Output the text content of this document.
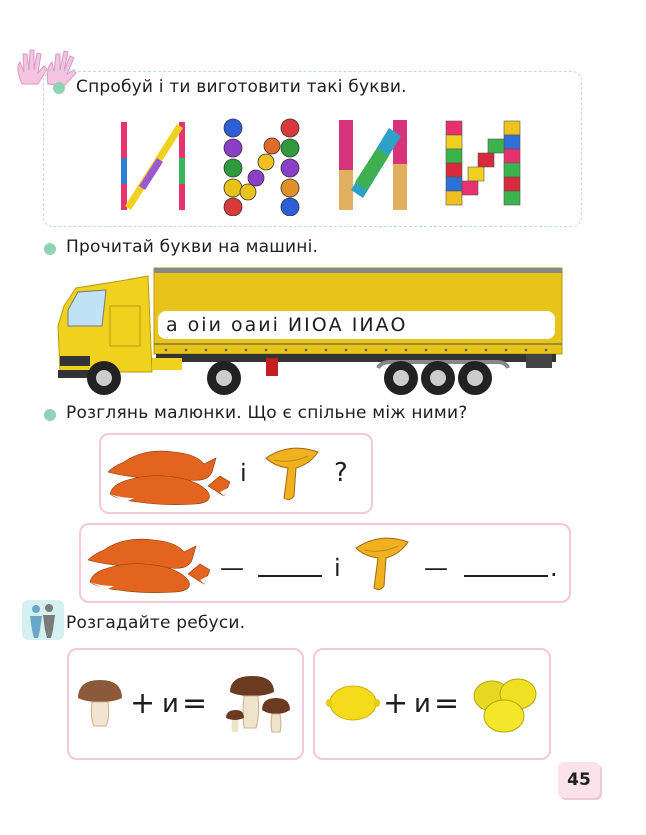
Спробуй і ти виготовити такі букви.
Прочитай букви на машині.
а оіи оаиі ИІОА ІИАО
Розглянь малюнки. Що є спільне між ними?
і	?
—	і	—	.
Розгадайте ребуси.
+ и =	+ и =
45
